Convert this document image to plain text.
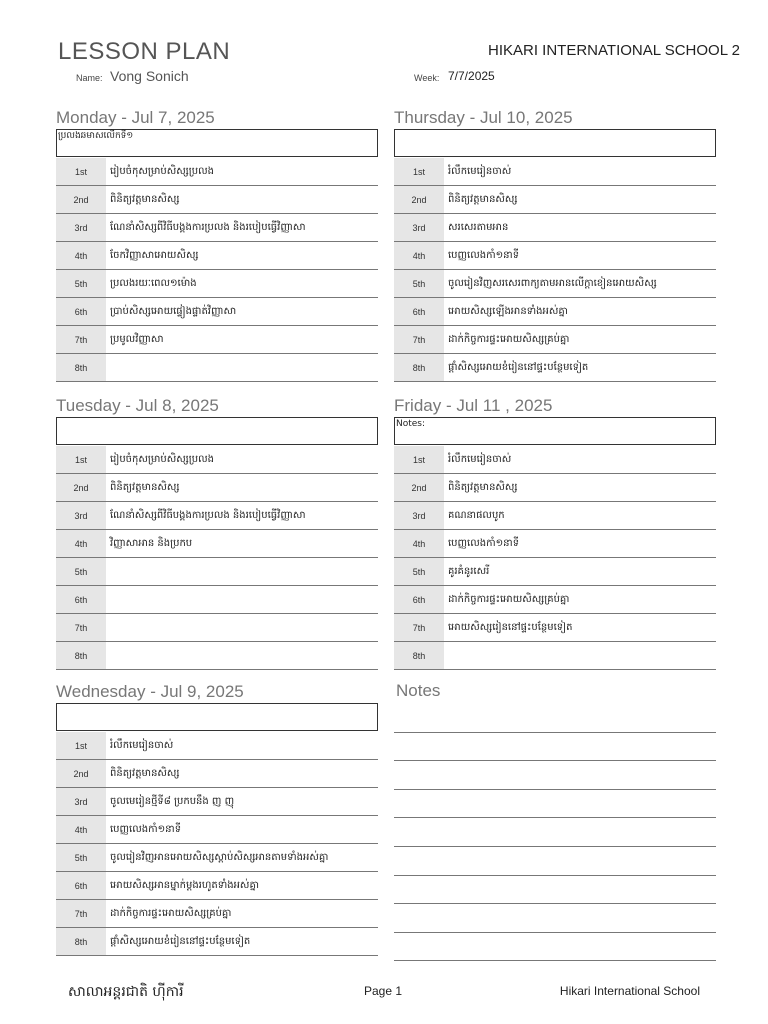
LESSON PLAN	HIKARI INTERNATIONAL SCHOOL 2
Name: Vong Sonich	Week: 7/7/2025
Monday - Jul 7, 2025
ប្រលងឆមាសលើកទី១
1st	រៀបចំកុសម្រាប់សិស្សប្រលង
2nd	ពិនិត្យវត្តមានសិស្ស
3rd	ណែនាំសិស្សពីវិធីបង្គងការប្រលង និងរបៀបធ្វើវិញ្ញាសា
4th	ចែកវិញ្ញាសាអោយសិស្ស
5th	ប្រលងរយៈពេល១ម៉ោង
6th	ប្រាប់សិស្សអោយផ្ទៀងផ្ទាត់វិញ្ញាសា
7th	ប្រមូលវិញ្ញាសា
8th
Tuesday - Jul 8, 2025
1st	រៀបចំកុសម្រាប់សិស្សប្រលង
2nd	ពិនិត្យវត្តមានសិស្ស
3rd	ណែនាំសិស្សពីវិធីបង្គងការប្រលង និងរបៀបធ្វើវិញ្ញាសា
4th	វិញ្ញាសាអាន និងប្រកប
5th
6th
7th
8th
Wednesday - Jul 9, 2025
1st	រំលឹកមេរៀនចាស់
2nd	ពិនិត្យវត្តមានសិស្ស
3rd	ចូលមេរៀនថ្មីទី៨ ប្រកបនឹង ញ ញុ
4th	បេញ្ញលេងកាំ១នាទី
5th	ចូលរៀនវិញអានអោយសិស្សស្តាប់សិស្សអានតាមទាំងអស់គ្នា
6th	អោយសិស្សអានម្នាក់ម្តងរហូតទាំងអស់គ្នា
7th	ដាក់កិច្ចការផ្ទះអោយសិស្សគ្រប់គ្នា
8th	ផ្តាំសិស្សអោយខំរៀននៅផ្ទះបន្ថែមទៀត
Thursday - Jul 10, 2025
1st	រំលឹកមេរៀនចាស់
2nd	ពិនិត្យវត្តមានសិស្ស
3rd	សរសេរតាមអាន
4th	បេញ្ញលេងកាំ១នាទី
5th	ចូលរៀនវិញសរសេរពាក្យតាមអានលើក្តាខៀនអោយសិស្ស
6th	អោយសិស្សឡើងអានទាំងអស់គ្នា
7th	ដាក់កិច្ចការផ្ទះអោយសិស្សគ្រប់គ្នា
8th	ផ្តាំសិស្សអោយខំរៀននៅផ្ទះបន្ថែមទៀត
Friday - Jul 11 , 2025
Notes:
1st	រំលឹកមេរៀនចាស់
2nd	ពិនិត្យវត្តមានសិស្ស
3rd	គណនាផលបូក
4th	បេញ្ញលេងកាំ១នាទី
5th	គូរគំនូរសេរី
6th	ដាក់កិច្ចការផ្ទះអោយសិស្សគ្រប់គ្នា
7th	អោយសិស្សរៀននៅផ្ទះបន្ថែមទៀត
8th
Notes
សាលាអន្តរជាតិ ហ៊ីការី	Page 1	Hikari International School
